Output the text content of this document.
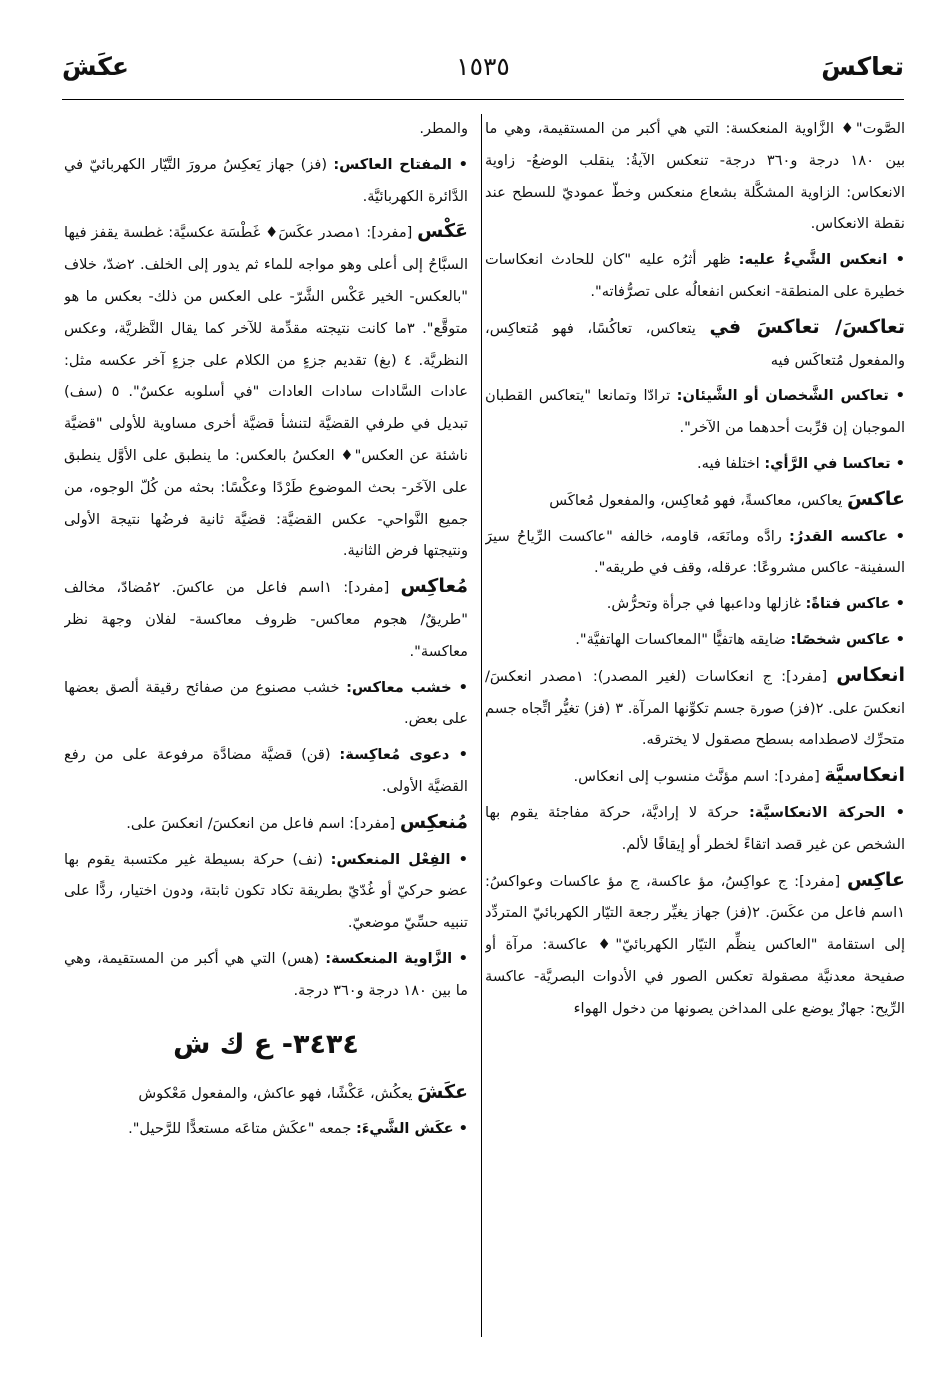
تعاكسَ
١٥٣٥
عكَشَ
الصَّوت"♦ الزَّاوية المنعكسة: التي هي أكبر من المستقيمة، وهي ما بين ١٨٠ درجة و٣٦٠ درجة- تنعكس الآيةُ: ينقلب الوضعُ- زاوية الانعكاس: الزاوية المشكَّلة بشعاع منعكس وخطّ عموديّ للسطح عند نقطة الانعكاس.
• انعكس الشَّيءُ عليه: ظهر أثرُه عليه "كان للحادث انعكاسات خطيرة على المنطقة- انعكس انفعالُه على تصرُّفاته".
تعاكسَ/ تعاكسَ في يتعاكس، تعاكُسًا، فهو مُتعاكِس، والمفعول مُتعاكَس فيه
• تعاكس الشَّخصان أو الشَّيئان: ترادّا وتمانعا "يتعاكس القطبان الموجبان إن قرِّبت أحدهما من الآخر".
• تعاكسا في الرَّأي: اختلفا فيه.
عاكسَ يعاكس، معاكسةً، فهو مُعاكِس، والمفعول مُعاكَس
• عاكسه القدرُ: رادَّه ومانَعَه، قاومه، خالفه "عاكست الرِّياحُ سيرَ السفينة- عاكس مشروعًا: عرقله، وقف في طريقه".
• عاكس فتاةً: غازلها وداعبها في جرأة وتحرُّش.
• عاكس شخصًا: ضايقه هاتفيًّا "المعاكسات الهاتفيَّة".
انعكاس [مفرد]: ج انعكاسات (لغير المصدر): ١مصدر انعكسَ/ انعكسَ على. ٢(فز) صورة جسم تكوِّنها المرآة. ٣ (فز) تغيُّر اتِّجاه جسم متحرِّك لاصطدامه بسطح مصقول لا يخترقه.
انعكاسيَّة [مفرد]: اسم مؤنَّث منسوب إلى انعكاس.
• الحركة الانعكاسيَّة: حركة لا إراديَّة، حركة مفاجئة يقوم بها الشخص عن غير قصد اتقاءً لخطر أو إيقافًا لألم.
عاكِس [مفرد]: ج عواكِسُ، مؤ عاكسة، ج مؤ عاكسات وعواكسُ: ١اسم فاعل من عكَسَ. ٢(فز) جهاز يغيِّر رجعة التيّار الكهربائيّ المتردِّد إلى استقامة "العاكس ينظِّم التيّار الكهربائيّ"♦ عاكسة: مرآة أو صفيحة معدنيَّة مصقولة تعكس الصور في الأدوات البصريَّة- عاكسة الرِّيح: جهازٌ يوضع على المداخن يصونها من دخول الهواء
والمطر.
• المفتاح العاكس: (فز) جهاز يَعكِسُ مرورَ التَّيّار الكهربائيّ في الدَّائرة الكهربائيَّة.
عَكْس [مفرد]: ١مصدر عكَسَ♦ غَطْسَة عكسيَّة: غطسة يقفز فيها السبَّاحُ إلى أعلى وهو مواجه للماء ثم يدور إلى الخلف. ٢ضدّ، خلاف "بالعكس- الخير عَكْس الشَّرّ- على العكس من ذلك- بعكس ما هو متوقَّع". ٣ما كانت نتيجته مقدِّمة للآخر كما يقال النَّظريَّة، وعكس النظريَّة. ٤ (بغ) تقديم جزءٍ من الكلام على جزءٍ آخر عكسه مثل: عادات السَّادات سادات العادات "في أسلوبه عكسٌ". ٥ (سف) تبديل في طرفي القضيَّة لتنشأ قضيَّة أخرى مساوية للأولى "قضيَّة ناشئة عن العكس"♦ العكسُ بالعكس: ما ينطبق على الأوَّل ينطبق على الآخَر- بحث الموضوع طَرْدًا وعكْسًا: بحثه من كُلّ الوجوه، من جميع النَّواحي- عكس القضيَّة: قضيَّة ثانية فرضُها نتيجة الأولى ونتيجتها فرض الثانية.
مُعاكِس [مفرد]: ١اسم فاعل من عاكسَ. ٢مُضادّ، مخالف "طريقٌ/ هجوم معاكس- ظروف معاكسة- لفلان وجهة نظر معاكسة".
• خشب معاكس: خشب مصنوع من صفائح رقيقة ألصق بعضها على بعض.
• دعوى مُعاكِسة: (قن) قضيَّة مضادَّة مرفوعة على من رفع القضيَّة الأولى.
مُنعكِس [مفرد]: اسم فاعل من انعكسَ/ انعكسَ على.
• الفِعْل المنعكس: (نف) حركة بسيطة غير مكتسبة يقوم بها عضو حركيّ أو غُدّيّ بطريقة تكاد تكون ثابتة، ودون اختيار، ردًّا على تنبيه حسِّيّ موضعيّ.
• الزَّاوية المنعكسة: (هس) التي هي أكبر من المستقيمة، وهي ما بين ١٨٠ درجة و٣٦٠ درجة.
٣٤٣٤- ع ك ش
عكَشَ يعكُش، عَكْشًا، فهو عاكش، والمفعول مَعْكوش
• عكَش الشَّيءَ: جمعه "عكَش متاعَه مستعدًّا للرَّحيل".
